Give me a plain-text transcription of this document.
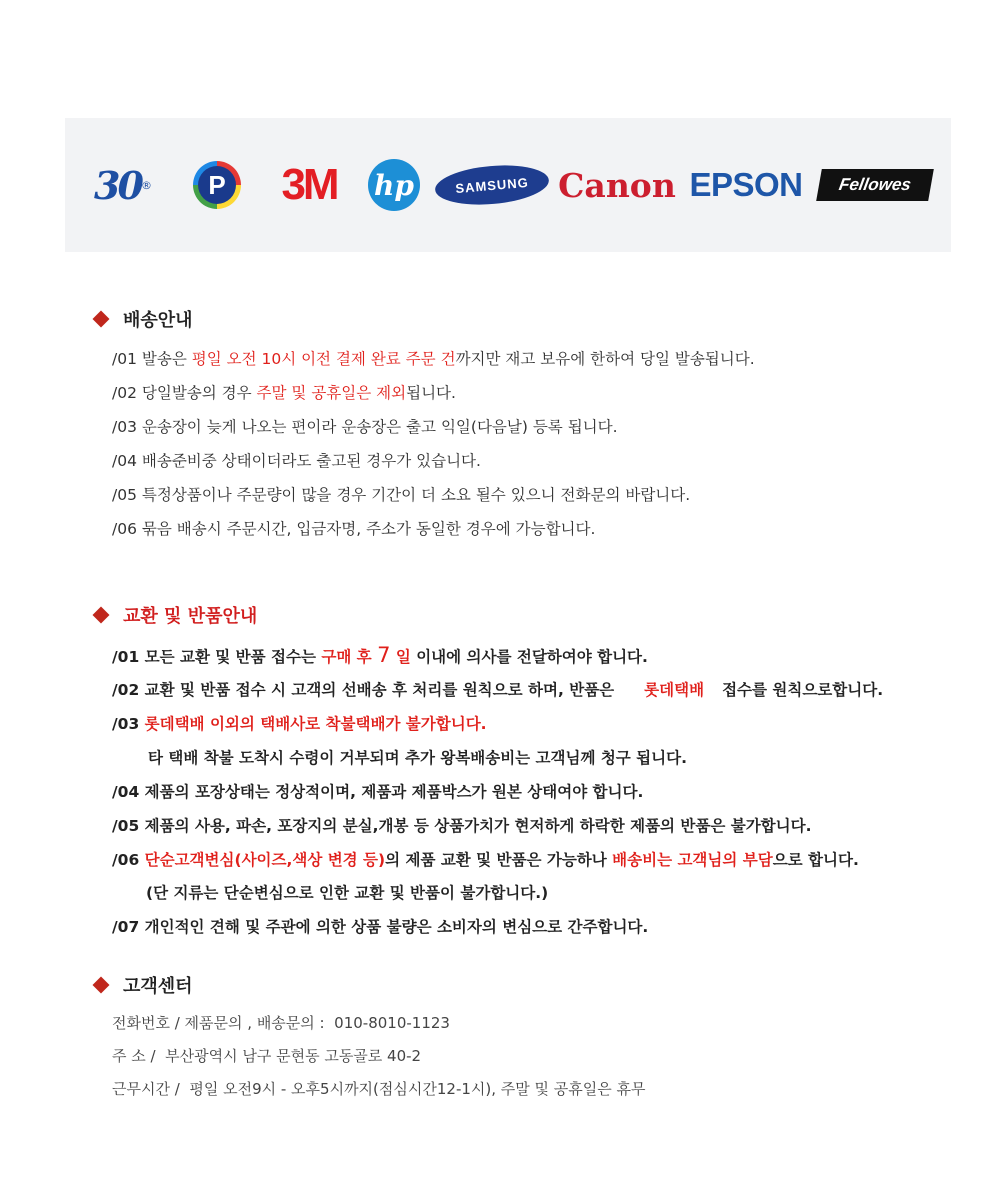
30 ®	P 3M hp	SAMSUNG Canon EPSON	Fellowes
배송안내
/01 발송은 평일 오전 10시 이전 결제 완료 주문 건까지만 재고 보유에 한하여 당일 발송됩니다.
/02 당일발송의 경우 주말 및 공휴일은 제외됩니다.
/03 운송장이 늦게 나오는 편이라 운송장은 출고 익일(다음날) 등록 됩니다.
/04 배송준비중 상태이더라도 출고된 경우가 있습니다.
/05 특정상품이나 주문량이 많을 경우 기간이 더 소요 될수 있으니 전화문의 바랍니다.
/06 묶음 배송시 주문시간, 입금자명, 주소가 동일한 경우에 가능합니다.
교환 및 반품안내
/01 모든 교환 및 반품 접수는 구매 후 7 일 이내에 의사를 전달하여야 합니다.
/02 교환 및 반품 접수 시 고객의 선배송 후 처리를 원칙으로 하며, 반품은 롯데택배 접수를 원칙으로합니다.
/03 롯데택배 이외의 택배사로 착불택배가 불가합니다.
타 택배 착불 도착시 수령이 거부되며 추가 왕복배송비는 고객님께 청구 됩니다.
/04 제품의 포장상태는 정상적이며, 제품과 제품박스가 원본 상태여야 합니다.
/05 제품의 사용, 파손, 포장지의 분실,개봉 등 상품가치가 현저하게 하락한 제품의 반품은 불가합니다.
/06 단순고객변심(사이즈,색상 변경 등)의 제품 교환 및 반품은 가능하나 배송비는 고객님의 부담으로 합니다.
(단 지류는 단순변심으로 인한 교환 및 반품이 불가합니다.)
/07 개인적인 견해 및 주관에 의한 상품 불량은 소비자의 변심으로 간주합니다.
고객센터
전화번호 / 제품문의 , 배송문의 : 010-8010-1123
주 소 / 부산광역시 남구 문현동 고동골로 40-2
근무시간 / 평일 오전9시 - 오후5시까지(점심시간12-1시), 주말 및 공휴일은 휴무
